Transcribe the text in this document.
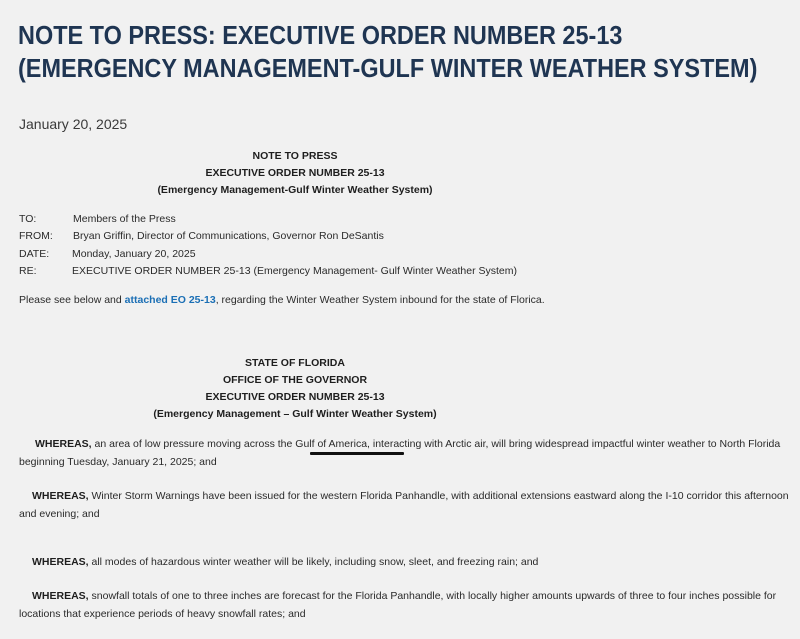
NOTE TO PRESS: EXECUTIVE ORDER NUMBER 25-13
(EMERGENCY MANAGEMENT-GULF WINTER WEATHER SYSTEM)
January 20, 2025
NOTE TO PRESS
EXECUTIVE ORDER NUMBER 25-13
(Emergency Management-Gulf Winter Weather System)
TO:	Members of the Press
FROM:	Bryan Griffin, Director of Communications, Governor Ron DeSantis
DATE:	Monday, January 20, 2025
RE:	EXECUTIVE ORDER NUMBER 25-13 (Emergency Management- Gulf Winter Weather System)
Please see below and attached EO 25-13, regarding the Winter Weather System inbound for the state of Florica.
STATE OF FLORIDA
OFFICE OF THE GOVERNOR
EXECUTIVE ORDER NUMBER 25-13
(Emergency Management – Gulf Winter Weather System)
WHEREAS, an area of low pressure moving across the Gulf of America, interacting with Arctic air, will bring widespread impactful winter weather to North Florida beginning Tuesday, January 21, 2025; and
WHEREAS, Winter Storm Warnings have been issued for the western Florida Panhandle, with additional extensions eastward along the I-10 corridor this afternoon and evening; and
WHEREAS, all modes of hazardous winter weather will be likely, including snow, sleet, and freezing rain; and
WHEREAS, snowfall totals of one to three inches are forecast for the Florida Panhandle, with locally higher amounts upwards of three to four inches possible for locations that experience periods of heavy snowfall rates; and
